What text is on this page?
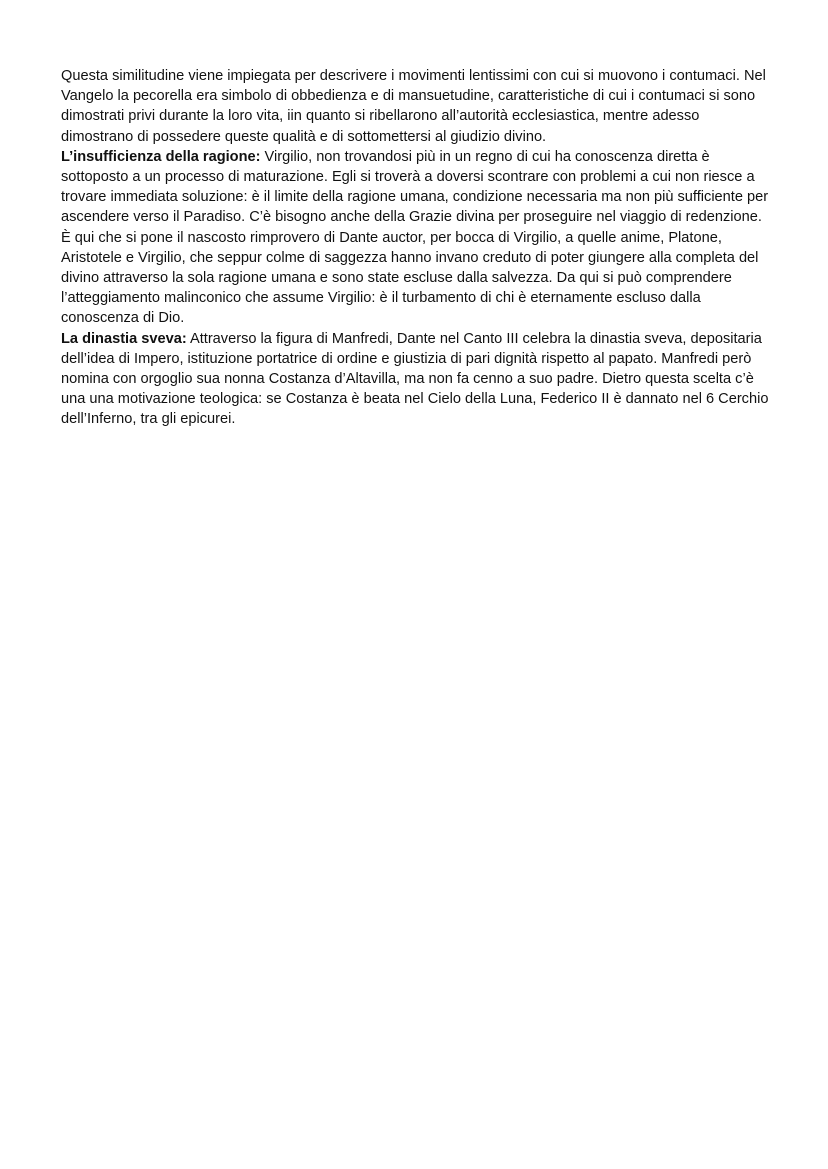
Questa similitudine viene impiegata per descrivere i movimenti lentissimi con cui si muovono i contumaci. Nel Vangelo la pecorella era simbolo di obbedienza e di mansuetudine, caratteristiche di cui i contumaci si sono dimostrati privi durante la loro vita, iin quanto si ribellarono all’autorità ecclesiastica, mentre adesso dimostrano di possedere queste qualità e di sottomettersi al giudizio divino.

L’insufficienza della ragione: Virgilio, non trovandosi più in un regno di cui ha conoscenza diretta è sottoposto a un processo di maturazione. Egli si troverà a doversi scontrare con problemi a cui non riesce a trovare immediata soluzione: è il limite della ragione umana, condizione necessaria ma non più sufficiente per ascendere verso il Paradiso. C’è bisogno anche della Grazie divina per proseguire nel viaggio di redenzione.

È qui che si pone il nascosto rimprovero di Dante auctor, per bocca di Virgilio, a quelle anime, Platone, Aristotele e Virgilio, che seppur colme di saggezza hanno invano creduto di poter giungere alla completa del divino attraverso la sola ragione umana e sono state escluse dalla salvezza. Da qui si può comprendere l’atteggiamento malinconico che assume Virgilio: è il turbamento di chi è eternamente escluso dalla conoscenza di Dio.

La dinastia sveva: Attraverso la figura di Manfredi, Dante nel Canto III celebra la dinastia sveva, depositaria dell’idea di Impero, istituzione portatrice di ordine e giustizia di pari dignità rispetto al papato. Manfredi però nomina con orgoglio sua nonna Costanza d’Altavilla, ma non fa cenno a suo padre. Dietro questa scelta c’è una una motivazione teologica: se Costanza è beata nel Cielo della Luna, Federico II è dannato nel 6 Cerchio dell’Inferno, tra gli epicurei.
